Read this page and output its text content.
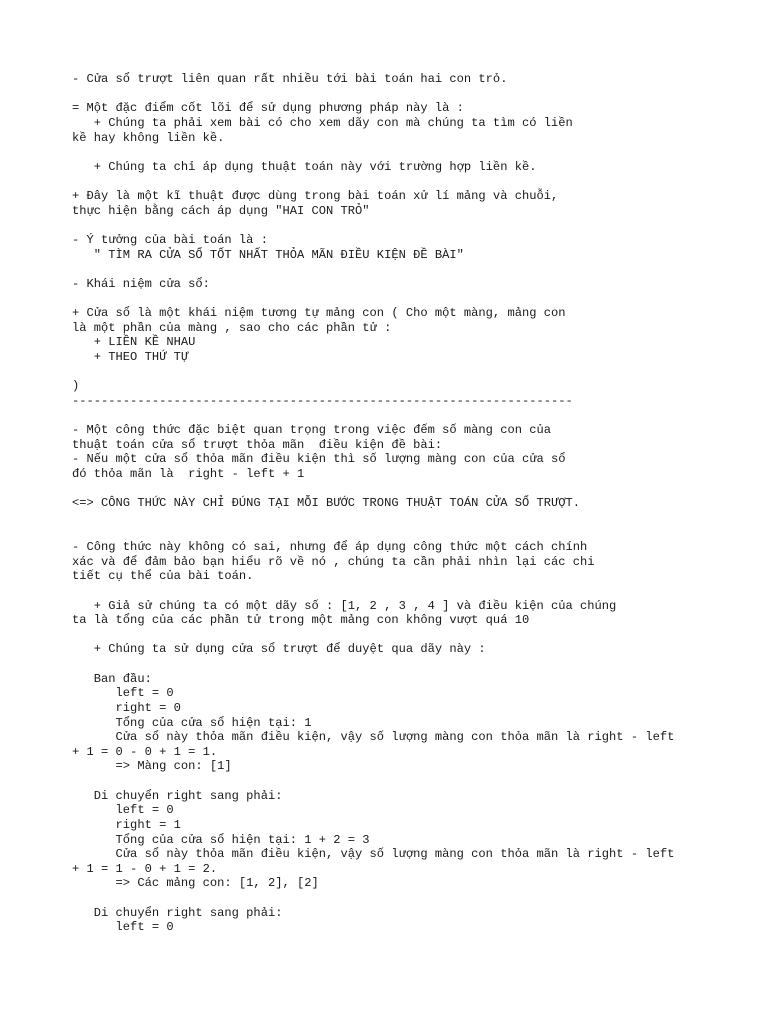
- Cửa sổ trượt liên quan rất nhiều tới bài toán hai con trỏ.

= Một đặc điểm cốt lõi để sử dụng phương pháp này là :
+ Chúng ta phải xem bài có cho xem dãy con mà chúng ta tìm có liền
kề hay không liền kề.

+ Chúng ta chỉ áp dụng thuật toán này với trường hợp liền kề.

+ Đây là một kĩ thuật được dùng trong bài toán xử lí mảng và chuỗi,
thực hiện bằng cách áp dụng "HAI CON TRỎ"

- Ý tưởng của bài toán là :
" TÌM RA CỬA SỔ TỐT NHẤT THỎA MÃN ĐIỀU KIỆN ĐỀ BÀI"

- Khái niệm cửa sổ:

+ Cửa sổ là một khái niệm tương tự mảng con ( Cho một màng, mảng con
là một phần của màng , sao cho các phần tử :
+ LIỀN KỀ NHAU
+ THEO THỨ TỰ

)
---------------------------------------------------------------------

- Một công thức đặc biệt quan trọng trong việc đếm số màng con của
thuật toán cửa sổ trượt thỏa mãn  điều kiện đề bài:
- Nếu một cửa sổ thỏa mãn điều kiện thì số lượng màng con của cửa sổ
đó thỏa mãn là  right - left + 1

<=> CÔNG THỨC NÀY CHỈ ĐÚNG TẠI MỖI BƯỚC TRONG THUẬT TOÁN CỬA SỔ TRƯỢT.

- Công thức này không có sai, nhưng để áp dụng công thức một cách chính
xác và để đảm bảo bạn hiểu rõ về nó , chúng ta cần phải nhìn lại các chi
tiết cụ thể của bài toán.

+ Giả sử chúng ta có một dãy số : [1, 2 , 3 , 4 ] và điều kiện của chúng
ta là tổng của các phần tử trong một mảng con không vượt quá 10

+ Chúng ta sử dụng cửa sổ trượt để duyệt qua dãy này :

Ban đầu:
left = 0
right = 0
Tổng của cửa sổ hiện tại: 1
Cửa sổ này thỏa mãn điều kiện, vậy số lượng màng con thỏa mãn là right - left
+ 1 = 0 - 0 + 1 = 1.
=> Màng con: [1]

Di chuyển right sang phải:
left = 0
right = 1
Tổng của cửa sổ hiện tại: 1 + 2 = 3
Cửa sổ này thỏa mãn điều kiện, vậy số lượng màng con thỏa mãn là right - left
+ 1 = 1 - 0 + 1 = 2.
=> Các mảng con: [1, 2], [2]

Di chuyển right sang phải:
left = 0
